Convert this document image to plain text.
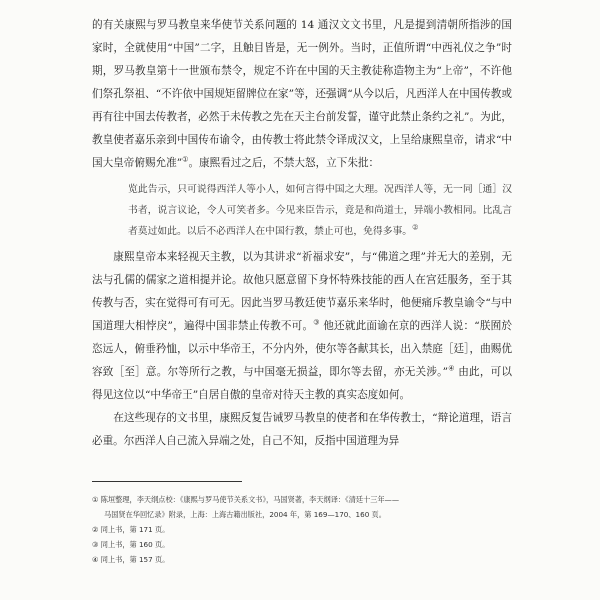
的有关康熙与罗马教皇来华使节关系问题的 14 通汉文文书里，凡是提到清朝所指涉的国家时，全就使用“中国”二字，且触目皆是，无一例外。当时，正值所谓“中西礼仪之争”时期，罗马教皇第十一世颁布禁令，规定不许在中国的天主教徒称造物主为“上帝”，不许他们祭孔祭祖、“不许依中国规矩留牌位在家”等，还强调“从今以后，凡西洋人在中国传教或再有往中国去传教者，必然于未传教之先在天主台前发誓，谨守此禁止条约之礼”。为此，教皇使者嘉乐亲到中国传布谕令，由传教士将此禁令译成汉文，上呈给康熙皇帝，请求“中国大皇帝俯赐允准”①。康熙看过之后，不禁大怒，立下朱批：

览此告示，只可说得西洋人等小人，如何言得中国之大理。况西洋人等，无一同［通］汉书者，说言议论，令人可笑者多。今见来臣告示，竟是和尚道士，异端小教相同。比乱言者莫过如此。以后不必西洋人在中国行教，禁止可也，免得多事。②

康熙皇帝本来轻视天主教，以为其讲求“祈福求安”，与“佛道之理”并无大的差别，无法与孔儒的儒家之道相提并论。故他只愿意留下身怀特殊技能的西人在宫廷服务，至于其传教与否，实在觉得可有可无。因此当罗马教廷使节嘉乐来华时，他便痛斥教皇谕令“与中国道理大相悖戾”，遍得中国非禁止传教不可。③ 他还就此面谕在京的西洋人说：“朕囿於恣远人，俯垂矜恤，以示中华帝王，不分内外，使尔等各献其长，出入禁庭［廷］，曲赐优容致［至］意。尔等所行之教，与中国毫无损益，即尔等去留，亦无关涉。”④ 由此，可以得见这位以“中华帝王”自居自傲的皇帝对待天主教的真实态度如何。

在这些现存的文书里，康熙反复告诫罗马教皇的使者和在华传教士，“辩论道理，语言必重。尔西洋人自己流入异端之处，自己不知，反指中国道理为异

① 陈垣整理，李天纲点校：《康熙与罗马使节关系文书》，马国贤著，李天纲译：《清廷十三年——
马国贤在华回忆录》附录，上海：上海古籍出版社，2004 年，第 169—170、160 页。

② 同上书，第 171 页。

③ 同上书，第 160 页。

④ 同上书，第 157 页。
